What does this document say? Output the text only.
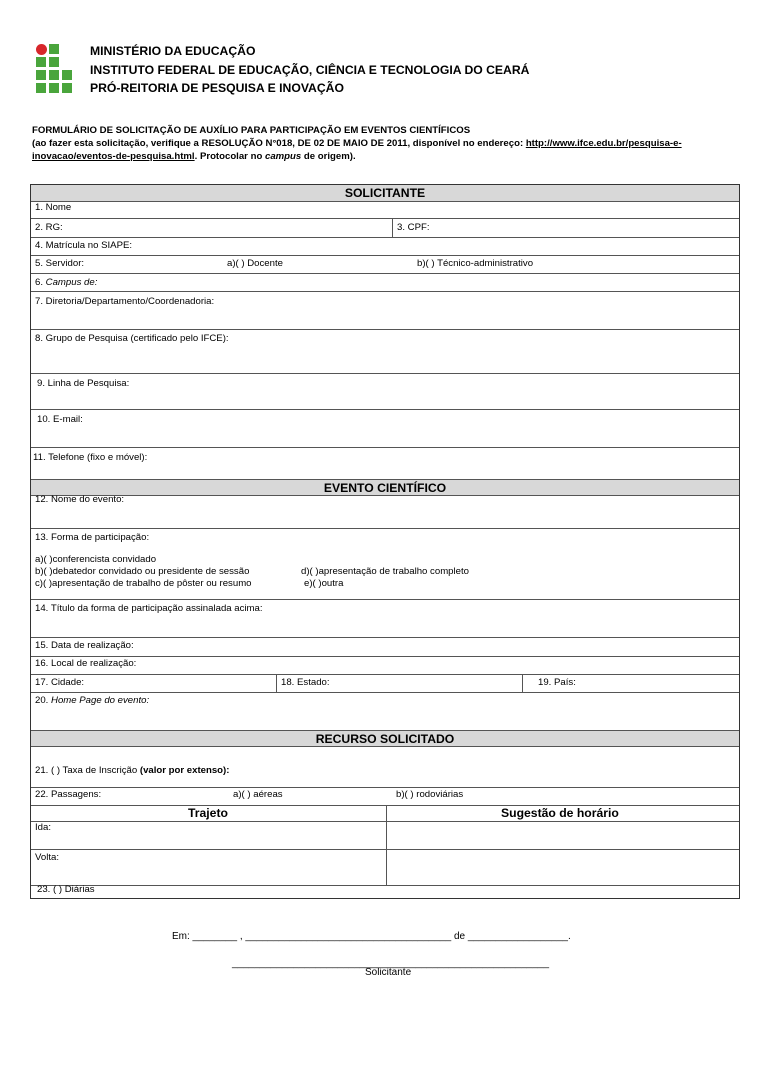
MINISTÉRIO DA EDUCAÇÃO
INSTITUTO FEDERAL DE EDUCAÇÃO, CIÊNCIA E TECNOLOGIA DO CEARÁ
PRÓ-REITORIA DE PESQUISA E INOVAÇÃO
FORMULÁRIO DE SOLICITAÇÃO DE AUXÍLIO PARA PARTICIPAÇÃO EM EVENTOS CIENTÍFICOS
(ao fazer esta solicitação, verifique a RESOLUÇÃO N°018, DE 02 DE MAIO DE 2011, disponível no endereço: http://www.ifce.edu.br/pesquisa-e-inovacao/eventos-de-pesquisa.html. Protocolar no campus de origem).
SOLICITANTE
1. Nome
2. RG:	3. CPF:
4. Matrícula no SIAPE:
5. Servidor:	a)( ) Docente	b)( ) Técnico-administrativo
6. Campus de:
7. Diretoria/Departamento/Coordenadoria:
8. Grupo de Pesquisa (certificado pelo IFCE):
9. Linha de Pesquisa:
10. E-mail:
11. Telefone (fixo e móvel):
EVENTO CIENTÍFICO
12. Nome do evento:
13. Forma de participação:
a)( )conferencista convidado
b)( )debatedor convidado ou presidente de sessão
c)( )apresentação de trabalho de pôster ou resumo
d)( )apresentação de trabalho completo
e)( )outra
14. Título da forma de participação assinalada acima:
15. Data de realização:
16. Local de realização:
17. Cidade:	18. Estado:	19. País:
20. Home Page do evento:
RECURSO SOLICITADO
21. ( ) Taxa de Inscrição (valor por extenso):
22. Passagens:	a)( ) aéreas	b)( ) rodoviárias
Trajeto	Sugestão de horário
Ida:
Volta:
23. ( ) Diárias
Em: ________ , _____________________________________ de __________________.
_________________________________________________________
Solicitante
